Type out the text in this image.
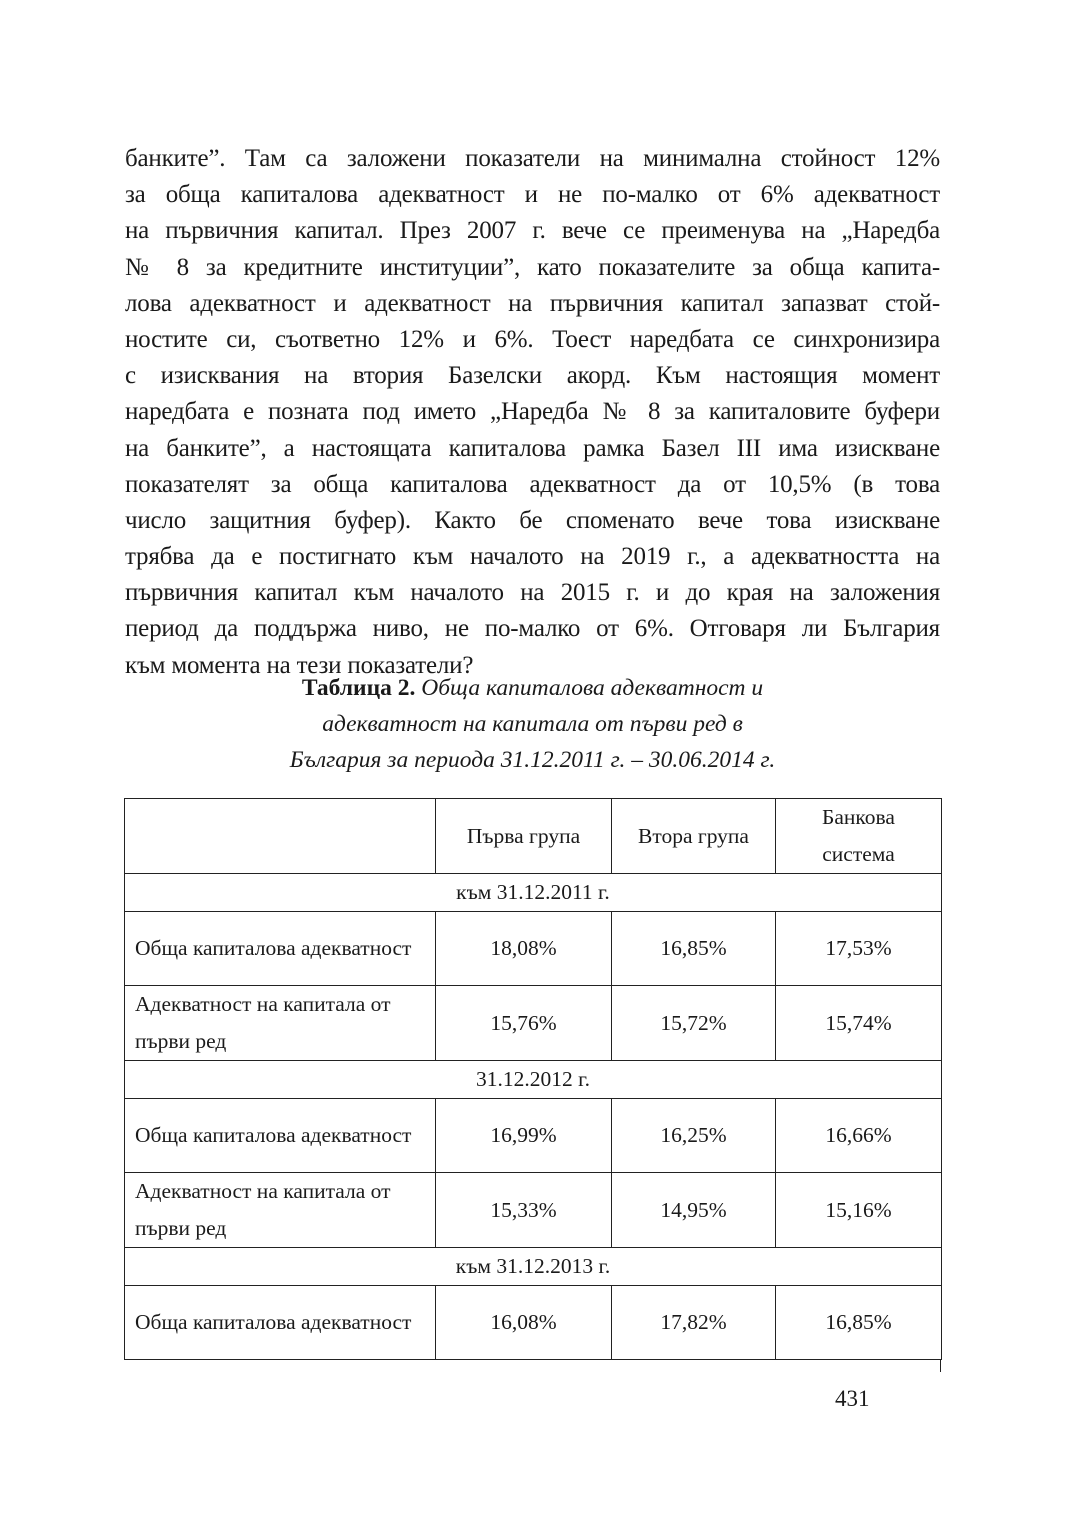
банките”. Там са заложени показатели на минимална стойност 12%
за обща капиталова адекватност и не по-малко от 6% адекватност
на първичния капитал. През 2007 г. вече се преименува на „Наредба
№ 8 за кредитните институции”, като показателите за обща капита-
лова адекватност и адекватност на първичния капитал запазват стой-
ностите си, съответно 12% и 6%. Тоест наредбата се синхронизира
с изисквания на втория Базелски акорд. Към настоящия момент
наредбата е позната под името „Наредба № 8 за капиталовите буфери
на банките”, а настоящата капиталова рамка Базел III има изискване
показателят за обща капиталова адекватност да от 10,5% (в това
число защитния буфер). Както бе споменато вече това изискване
трябва да е постигнато към началото на 2019 г., а адекватността на
първичния капитал към началото на 2015 г. и до края на заложения
период да поддържа ниво, не по-малко от 6%. Отговаря ли България
към момента на тези показатели?
Таблица 2. Обща капиталова адекватност и
адекватност на капитала от първи ред в
България за периода 31.12.2011 г. – 30.06.2014 г.
	Първа група	Втора група	Банкова система
към 31.12.2011 г.			
Обща капиталова адекватност	18,08%	16,85%	17,53%
Адекватност на капитала от първи ред	15,76%	15,72%	15,74%
31.12.2012 г.			
Обща капиталова адекватност	16,99%	16,25%	16,66%
Адекватност на капитала от първи ред	15,33%	14,95%	15,16%
към 31.12.2013 г.			
Обща капиталова адекватност	16,08%	17,82%	16,85%
431
